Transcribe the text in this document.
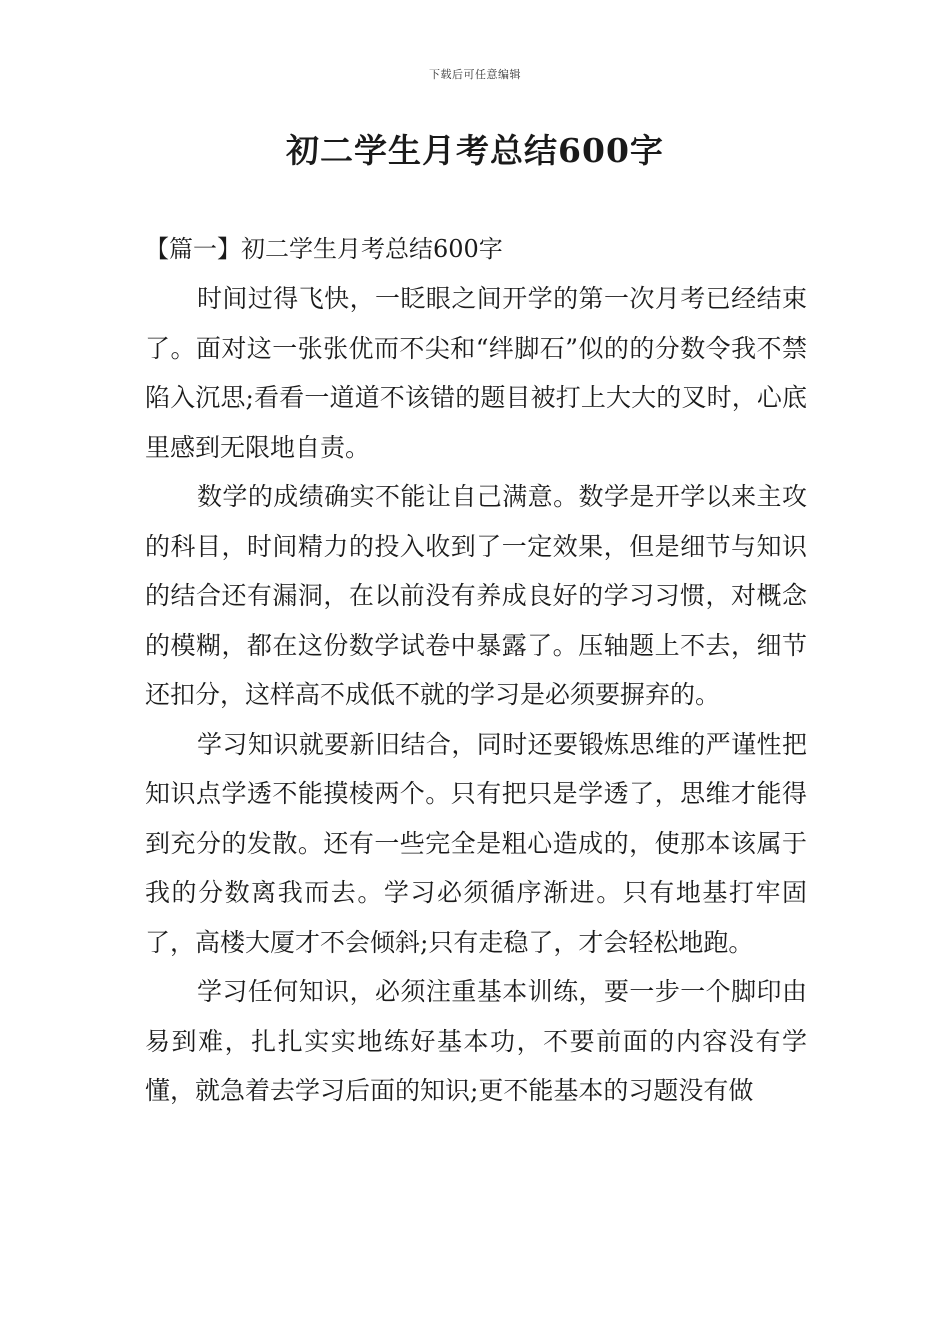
下载后可任意编辑
初二学生月考总结600字
【篇一】初二学生月考总结600字

时间过得飞快，一眨眼之间开学的第一次月考已经结束了。面对这一张张优而不尖和“绊脚石”似的的分数令我不禁陷入沉思;看看一道道不该错的题目被打上大大的叉时，心底里感到无限地自责。

数学的成绩确实不能让自己满意。数学是开学以来主攻的科目，时间精力的投入收到了一定效果，但是细节与知识的结合还有漏洞，在以前没有养成良好的学习习惯，对概念的模糊，都在这份数学试卷中暴露了。压轴题上不去，细节还扣分，这样高不成低不就的学习是必须要摒弃的。

学习知识就要新旧结合，同时还要锻炼思维的严谨性把知识点学透不能摸棱两个。只有把只是学透了，思维才能得到充分的发散。还有一些完全是粗心造成的，使那本该属于我的分数离我而去。学习必须循序渐进。只有地基打牢固了，高楼大厦才不会倾斜;只有走稳了，才会轻松地跑。

学习任何知识，必须注重基本训练，要一步一个脚印由易到难，扎扎实实地练好基本功，不要前面的内容没有学懂，就急着去学习后面的知识;更不能基本的习题没有做
